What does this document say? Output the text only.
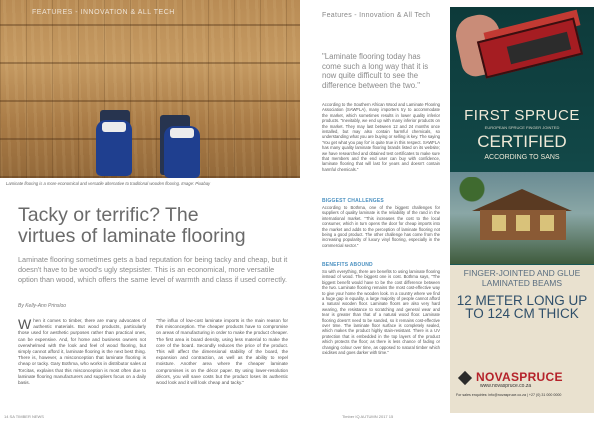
FEATURES - INNOVATION & ALL TECH
Laminate flooring is a more economical and versatile alternative to traditional wooden flooring. Image: Pixabay
Tacky or terrific? The
virtues of laminate flooring
Laminate flooring sometimes gets a bad reputation for being tacky and cheap, but it doesn't have to be wood's ugly stepsister. This is an economical, more versatile option than wood, which offers the same level of warmth and class if used correctly.
By Kelly-Ann Prinsloo
W hen it comes to timber, there are many advocates of authentic materials. But wood products, particularly those used for aesthetic purposes rather than practical ones, can be expensive. And, for home and business owners not overwhelmed with the look and feel of wood flooring, but simply cannot afford it, laminate flooring is the next best thing. There is, however, a misconception that laminate flooring is cheap or tacky. Gary Bothma, who works in distributor sales at Torcitas, explains that this misconception is most often due to laminate flooring manufacturers and suppliers focus on a daily basis.
"The influx of low-cost laminate imports is the main reason for this misconception. The cheaper products have to compromise on areas of manufacturing in order to make the product cheaper. The first area is board density, using less material to make the core of the board. Secondly reduces the price of the product. This will affect the dimensional stability of the board, the expansion and contraction, as well as the ability to repel moisture. Another area where the cheaper laminate compromises is on the décor paper. By using lower-resolution décors, you will save costs but the product loses its authentic wood look and it will look cheap and tacky."
14 SA TIMBER NEWS
Features - Innovation & All Tech
"Laminate flooring today has come such a long way that it is now quite difficult to see the difference between the two."
According to the Southern African Wood and Laminate Flooring Association (SAWFLA), many importers try to accommodate the market, which sometimes results in lower quality inferior products. "Inevitably, we end up with many inferior products on the market. They may last between 12 and 24 months once installed, but may also contain harmful chemicals, so understanding what you are buying or selling is key. The saying 'You get what you pay for' is quite true in this respect. SAWFLA has many quality laminate flooring brands listed on its website; we have researched and obtained test certificates to make sure that members and the end user can buy with confidence, laminate flooring that will last for years and doesn't contain harmful chemicals."
BIGGEST CHALLENGES
According to Bothma, one of the biggest challenges for suppliers of quality laminate is the reliability of the rand in the international market. "This increases the cost to the local consumer, which in turn opens the door for cheap imports into the market and adds to the perception of laminate flooring not being a good product. The other challenge has come from the increasing popularity of luxury vinyl flooring, especially in the commercial sector."
BENEFITS ABOUND
So with everything, there are benefits to using laminate flooring instead of wood. The biggest one is cost. Bothma says, "The biggest benefit would have to be the cost difference between the two. Laminate flooring remains the most cost-effective way to give your home the wooden look. In a country where we find a huge gap in equality, a large majority of people cannot afford a natural wooden floor. Laminate floors are also very hard wearing, the resistance to scratching and general wear and tear is greater than that of a natural wood floor. Laminate flooring doesn't need to be sanded, so it remains cost-effective over time. The laminate floor surface is completely sealed, which makes the product highly stain-resistant. There is a UV protection that is embedded in the top layers of the product which protects the floor; as there is less chance of fading or changing colour over time, as opposed to natural timber which oxidises and goes darker with time."
Timber IQ AUTUMN 2017 15
FIRST SPRUCE
EUROPEAN SPRUCE FINGER JOINTED
CERTIFIED
ACCORDING TO SANS
FINGER-JOINTED AND GLUE LAMINATED BEAMS
12 METER LONG UP TO 124 CM THICK
NOVASPRUCE
www.novaspruce.co.za
For sales enquiries: info@novaspruce.co.za | +27 (0) 31 000 0000
